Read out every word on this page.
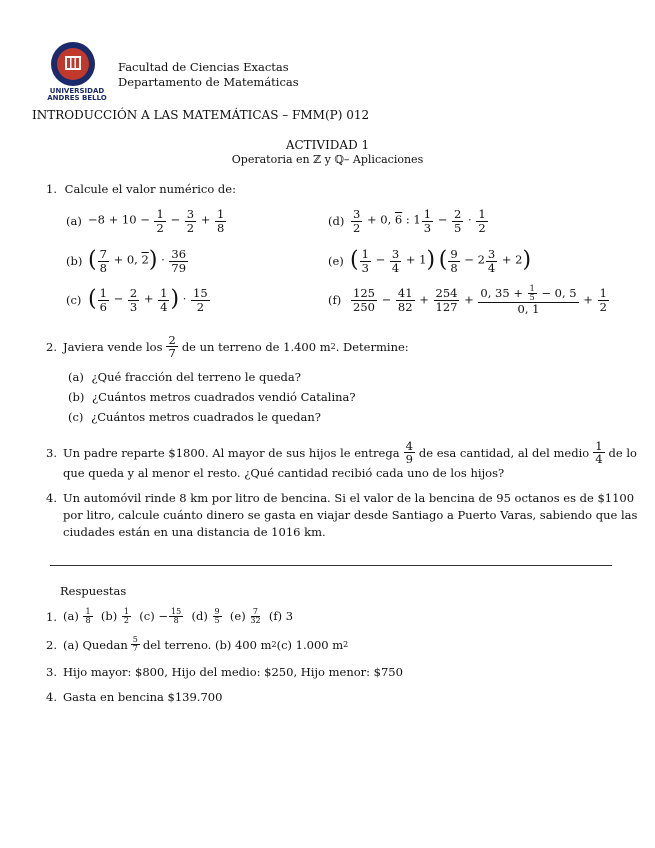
UNIVERSIDAD ANDRES BELLO
Facultad de Ciencias Exactas
Departamento de Matemáticas
INTRODUCCIÓN A LAS MATEMÁTICAS – FMM(P) 012
ACTIVIDAD 1
Operatoria en ℤ y ℚ– Aplicaciones
1. Calcule el valor numérico de:
$(a) -8 + 10 - \frac{1}{2} - \frac{3}{2} + \frac{1}{8}$
(b) ( $\frac{7}{8} + 0$, $2) \cdot \frac{36}{79}$
(c) ( $\frac{1}{6} - \frac{2}{3} + \frac{1}{4}$ ) · $\frac{15}{2}$
$(d) \frac{3}{2} + 0$, 6 : $1 \frac{1}{3} - \frac{2}{5} \cdot \frac{1}{2}$
(e) ( $\frac{1}{3} - \frac{3}{4} + 1$) ( $\frac{9}{8} - 2 \frac{3}{4} + 2$)
$(f) \frac{125}{250} - \frac{41}{82} + \frac{254}{127} + \frac{0, 35 + \frac{1}{5} - 0, 5}{0, 1} + \frac{1}{2}$
2. Javiera vende los $\frac{2}{7}$ de un terreno de 1.400 m 2 . Determine:
(a) ¿Qué fracción del terreno le queda?
(b) ¿Cuántos metros cuadrados vendió Catalina?
(c) ¿Cuántos metros cuadrados le quedan?
3. Un padre reparte $1800. Al mayor de sus hijos le entrega $\frac{4}{9}$ de esa cantidad, al del medio $\frac{1}{4}$ de lo
que queda y al menor el resto. ¿Qué cantidad recibió cada uno de los hijos?
4. Un automóvil rinde 8 km por litro de bencina. Si el valor de la bencina de 95 octanos es de $1100
por litro, calcule cuánto dinero se gasta en viajar desde Santiago a Puerto Varas, sabiendo que las
ciudades están en una distancia de 1016 km.
Respuestas
1. $(a) \frac{1}{8} (b) \frac{1}{2} (c) - \frac{15}{8} (d) \frac{9}{5} (e) \frac{7}{32} (f)$ 3
2. (a) Quedan $\frac{5}{7}$ del terreno. (b) 400 m 2 (c) 1.000 m 2
3. Hijo mayor: $800, Hijo del medio: $250, Hijo menor: $750
4. Gasta en bencina $139.700
